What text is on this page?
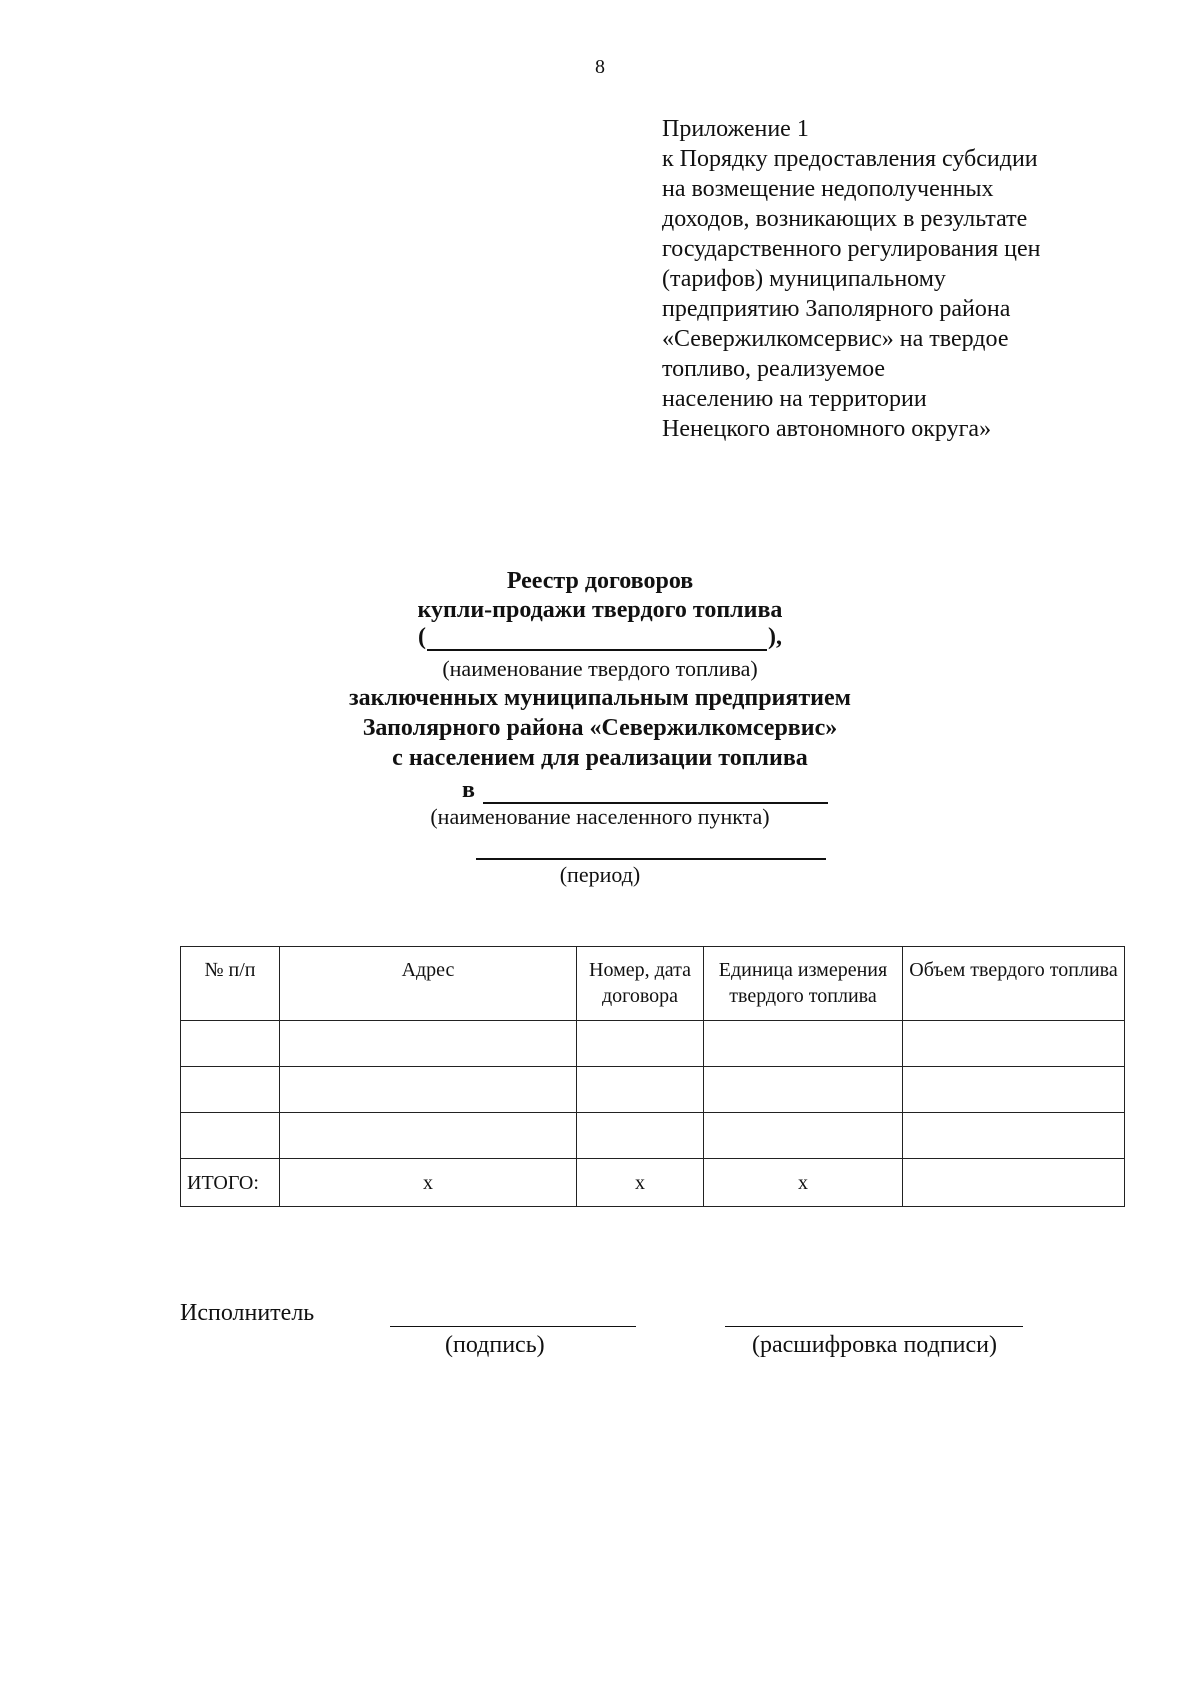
8
Приложение 1
к Порядку предоставления субсидии
на возмещение недополученных
доходов, возникающих в результате
государственного регулирования цен
(тарифов) муниципальному
предприятию Заполярного района
«Севержилкомсервис» на твердое
топливо, реализуемое
населению на территории
Ненецкого автономного округа»
Реестр договоров
купли-продажи твердого топлива
(	),
(наименование твердого топлива)
заключенных муниципальным предприятием
Заполярного района «Севержилкомсервис»
с населением для реализации топлива
в
(наименование населенного пункта)
(период)
№ п/п	Адрес	Номер, дата договора	Единица измерения твердого топлива	Объем твердого топлива

ИТОГО:	x	x	x	
Исполнитель
(подпись)	(расшифровка подписи)
